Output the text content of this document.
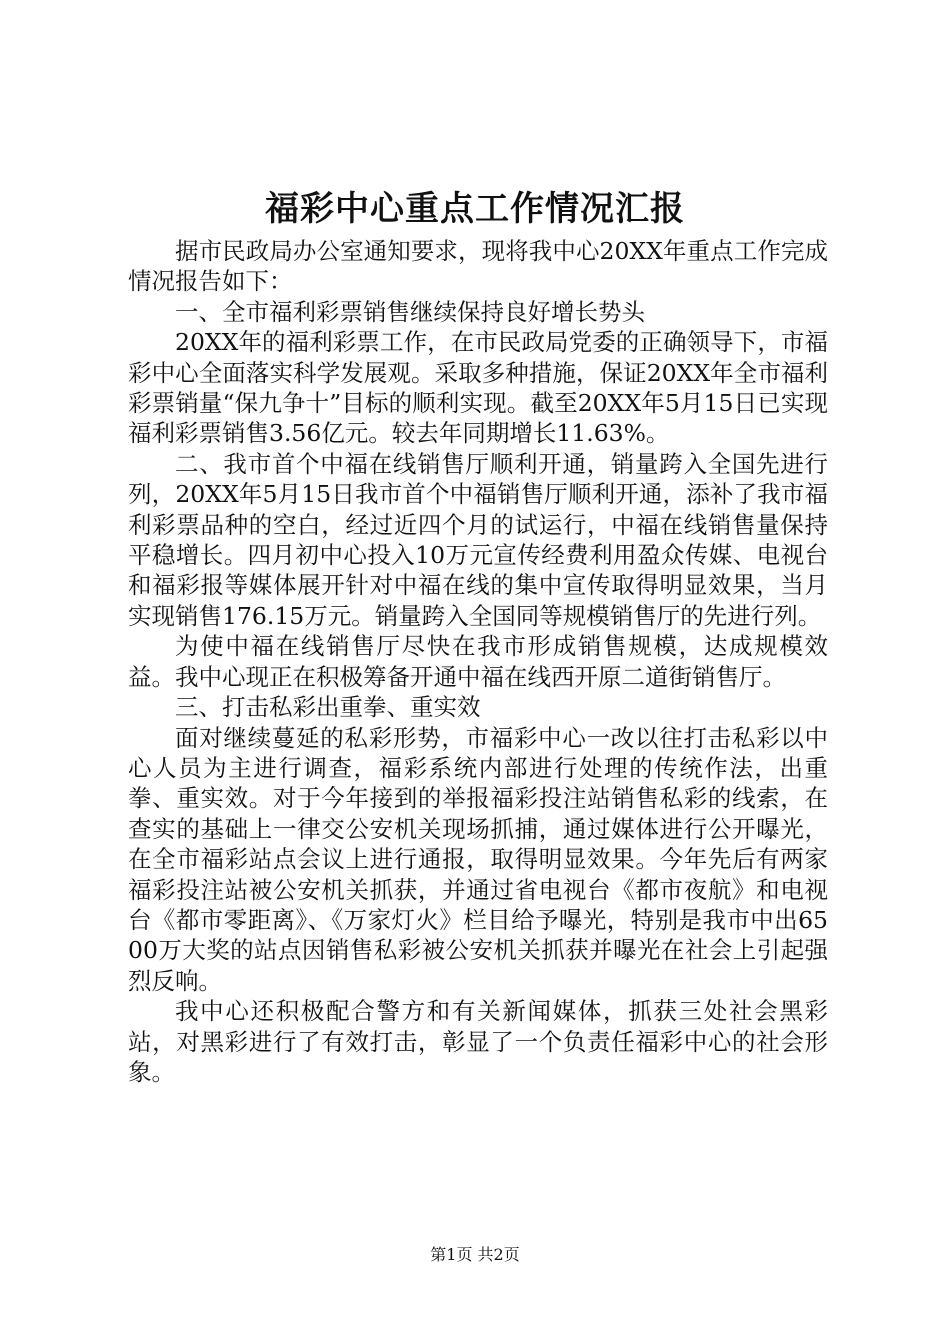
福彩中心重点工作情况汇报

据市民政局办公室通知要求，现将我中心20XX年重点工作完成情况报告如下：

一、全市福利彩票销售继续保持良好增长势头

20XX年的福利彩票工作，在市民政局党委的正确领导下，市福彩中心全面落实科学发展观。采取多种措施，保证20XX年全市福利彩票销量“保九争十”目标的顺利实现。截至20XX年5月15日已实现福利彩票销售3.56亿元。较去年同期增长11.63%。

二、我市首个中福在线销售厅顺利开通，销量跨入全国先进行列，20XX年5月15日我市首个中福销售厅顺利开通，添补了我市福利彩票品种的空白，经过近四个月的试运行，中福在线销售量保持平稳增长。四月初中心投入10万元宣传经费利用盈众传媒、电视台和福彩报等媒体展开针对中福在线的集中宣传取得明显效果，当月实现销售176.15万元。销量跨入全国同等规模销售厅的先进行列。

为使中福在线销售厅尽快在我市形成销售规模，达成规模效益。我中心现正在积极筹备开通中福在线西开原二道街销售厅。

三、打击私彩出重拳、重实效

面对继续蔓延的私彩形势，市福彩中心一改以往打击私彩以中心人员为主进行调查，福彩系统内部进行处理的传统作法，出重拳、重实效。对于今年接到的举报福彩投注站销售私彩的线索，在查实的基础上一律交公安机关现场抓捕，通过媒体进行公开曝光，在全市福彩站点会议上进行通报，取得明显效果。今年先后有两家福彩投注站被公安机关抓获，并通过省电视台《都市夜航》和电视台《都市零距离》、《万家灯火》栏目给予曝光，特别是我市中出6500万大奖的站点因销售私彩被公安机关抓获并曝光在社会上引起强烈反响。

我中心还积极配合警方和有关新闻媒体，抓获三处社会黑彩站，对黑彩进行了有效打击，彰显了一个负责任福彩中心的社会形象。

第1页 共2页
